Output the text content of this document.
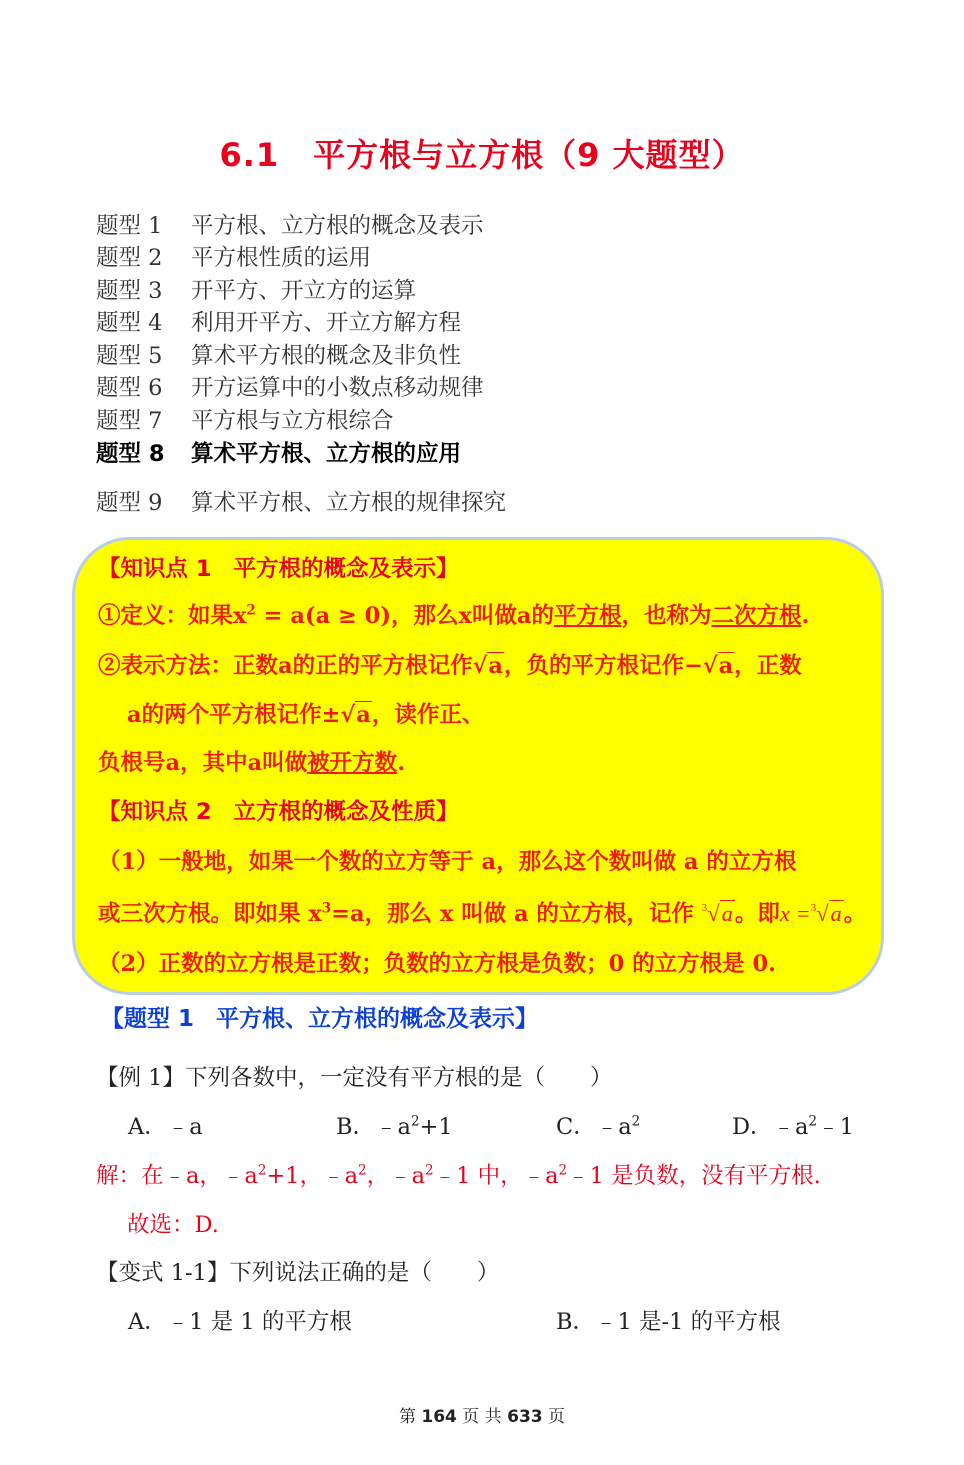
6.1 平方根与立方根（9 大题型）
题型 1 平方根、立方根的概念及表示
题型 2 平方根性质的运用
题型 3 开平方、开立方的运算
题型 4 利用开平方、开立方解方程
题型 5 算术平方根的概念及非负性
题型 6 开方运算中的小数点移动规律
题型 7 平方根与立方根综合
题型 8 算术平方根、立方根的应用
题型 9 算术平方根、立方根的规律探究
【知识点 1 平方根的概念及表示】
①定义：如果$x^2 = a(a \ge 0)$，那么x叫做a的平方根，也称为二次方根.
②表示方法：正数a的正的平方根记作√a，负的平方根记作−√a，正数
a的两个平方根记作±√a，读作正、
负根号a，其中a叫做被开方数.
【知识点 2 立方根的概念及性质】
（1）一般地，如果一个数的立方等于 a，那么这个数叫做 a 的立方根
或三次方根。即如果 $x^3=a$，那么 x 叫做 a 的立方根，记作 $^3$√a。即x =$^3$√a。
（2）正数的立方根是正数；负数的立方根是负数；0 的立方根是 0.
【题型 1 平方根、立方根的概念及表示】
【例 1】下列各数中，一定没有平方根的是（　　）
A．﹣a	B．$﹣a^2+1$	C．$﹣a^2$	D．$﹣a^2﹣1$
解：在﹣a，$﹣a^2+1$，$﹣a^2$，$﹣a^2﹣1$ 中，$﹣a^2﹣1$ 是负数，没有平方根.
故选：D.
【变式 1-1】下列说法正确的是（　　）
A．﹣1 是 1 的平方根	B．﹣1 是-1 的平方根
第 164 页 共 633 页
